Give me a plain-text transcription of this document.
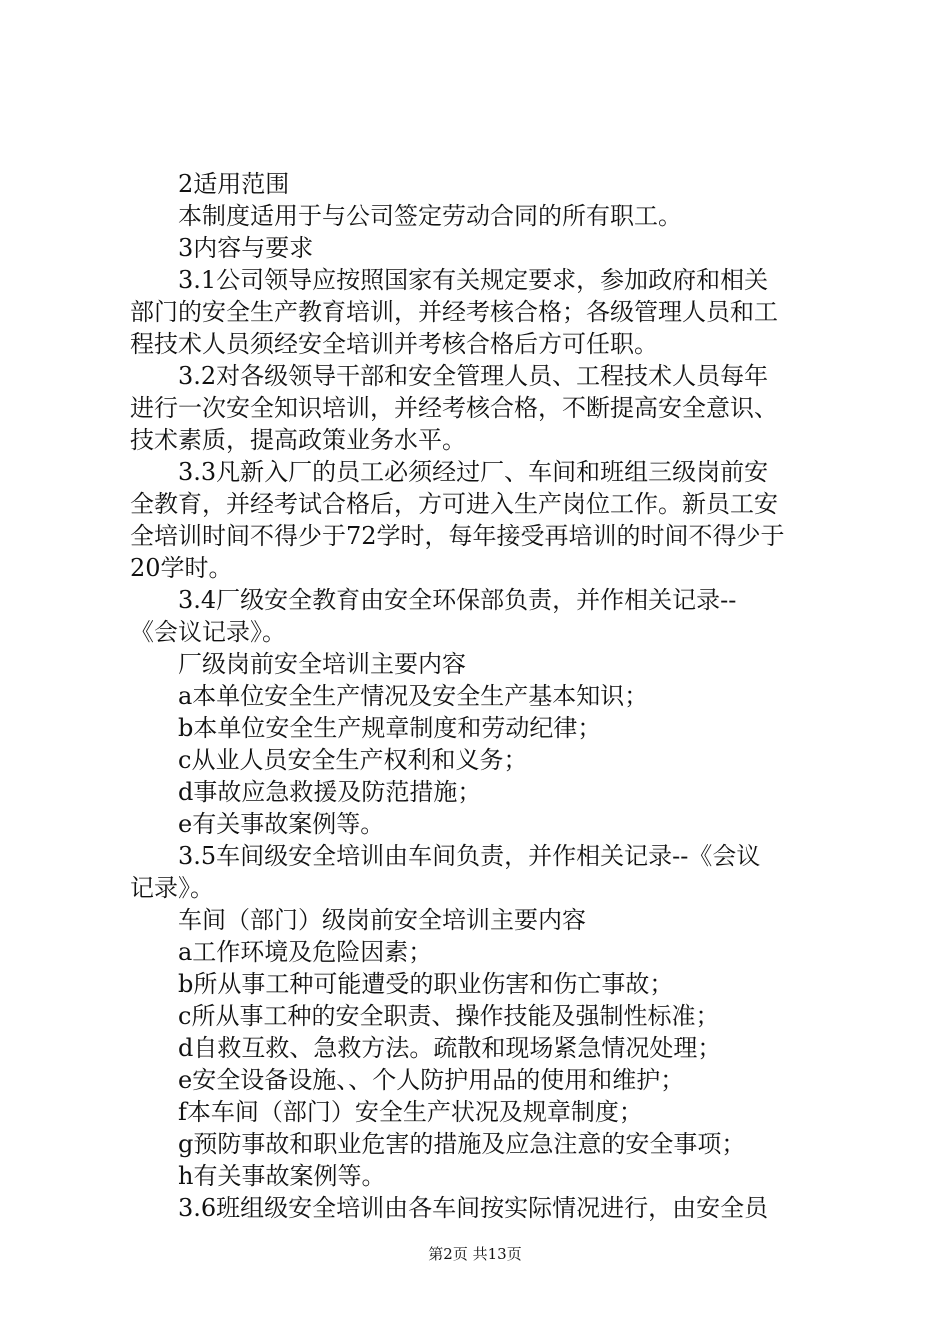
2适用范围

本制度适用于与公司签定劳动合同的所有职工。

3内容与要求

3.1公司领导应按照国家有关规定要求，参加政府和相关

部门的安全生产教育培训，并经考核合格；各级管理人员和工

程技术人员须经安全培训并考核合格后方可任职。

3.2对各级领导干部和安全管理人员、工程技术人员每年

进行一次安全知识培训，并经考核合格，不断提高安全意识、

技术素质，提高政策业务水平。

3.3凡新入厂的员工必须经过厂、车间和班组三级岗前安

全教育，并经考试合格后，方可进入生产岗位工作。新员工安

全培训时间不得少于72学时，每年接受再培训的时间不得少于

20学时。

3.4厂级安全教育由安全环保部负责，并作相关记录--

《会议记录》。

厂级岗前安全培训主要内容

a本单位安全生产情况及安全生产基本知识；

b本单位安全生产规章制度和劳动纪律；

c从业人员安全生产权利和义务；

d事故应急救援及防范措施；

e有关事故案例等。

3.5车间级安全培训由车间负责，并作相关记录--《会议

记录》。

车间（部门）级岗前安全培训主要内容

a工作环境及危险因素；

b所从事工种可能遭受的职业伤害和伤亡事故；

c所从事工种的安全职责、操作技能及强制性标准；

d自救互救、急救方法。疏散和现场紧急情况处理；

e安全设备设施、、个人防护用品的使用和维护；

f本车间（部门）安全生产状况及规章制度；

g预防事故和职业危害的措施及应急注意的安全事项；

h有关事故案例等。

3.6班组级安全培训由各车间按实际情况进行，由安全员

第2页 共13页
